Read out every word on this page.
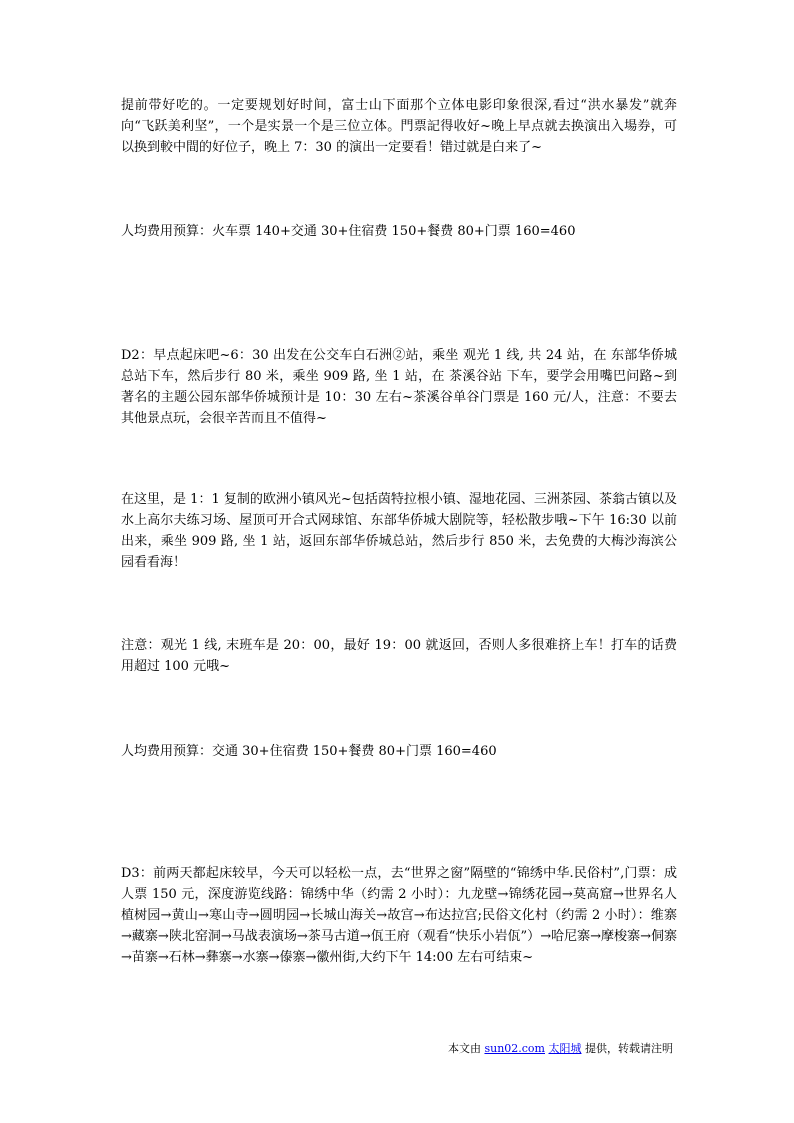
提前带好吃的。一定要规划好时间，富士山下面那个立体电影印象很深,看过“洪水暴发”就奔向“飞跃美利坚”，一个是实景一个是三位立体。門票記得收好~晚上早点就去换演出入場券，可以换到較中間的好位子，晚上 7：30 的演出一定要看！错过就是白来了~

人均费用预算：火车票 140+交通 30+住宿费 150+餐费 80+门票 160=460

D2：早点起床吧~6：30 出发在公交车白石洲②站，乘坐 观光 1 线, 共 24 站，在 东部华侨城总站下车，然后步行 80 米，乘坐 909 路, 坐 1 站，在 茶溪谷站 下车，要学会用嘴巴问路~到著名的主题公园东部华侨城预计是 10：30 左右~茶溪谷单谷门票是 160 元/人，注意：不要去其他景点玩，会很辛苦而且不值得~

在这里，是 1：1 复制的欧洲小镇风光~包括茵特拉根小镇、湿地花园、三洲茶园、茶翁古镇以及水上高尔夫练习场、屋顶可开合式网球馆、东部华侨城大剧院等，轻松散步哦~下午 16:30 以前出来，乘坐 909 路, 坐 1 站，返回东部华侨城总站，然后步行 850 米，去免费的大梅沙海滨公园看看海！

注意：观光 1 线, 末班车是 20：00，最好 19：00 就返回，否则人多很难挤上车！打车的话费用超过 100 元哦~

人均费用预算：交通 30+住宿费 150+餐费 80+门票 160=460

D3：前两天都起床较早，今天可以轻松一点，去“世界之窗”隔壁的“锦绣中华.民俗村”,门票：成人票 150 元，深度游览线路：锦绣中华（约需 2 小时）：九龙壁→锦绣花园→莫高窟→世界名人植树园→黄山→寒山寺→圆明园→长城山海关→故宫→布达拉宫;民俗文化村（约需 2 小时）：维寨→藏寨→陕北窑洞→马战表演场→茶马古道→佤王府（观看“快乐小岩佤”）→哈尼寨→摩梭寨→侗寨→苗寨→石林→彝寨→水寨→傣寨→徽州街,大约下午 14:00 左右可结束~

本文由 sun02.com 太阳城 提供，转载请注明
